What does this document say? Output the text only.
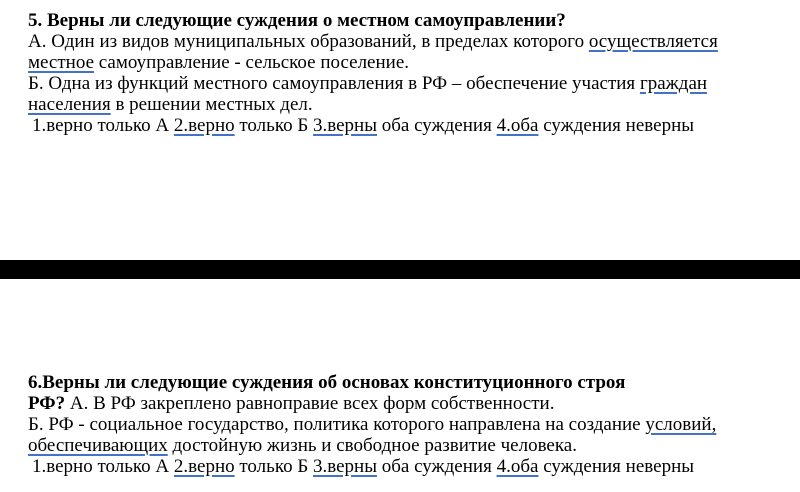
5. Верны ли следующие суждения о местном самоуправлении?

А. Один из видов муниципальных образований, в пределах которого осуществляется

местное самоуправление - сельское поселение.

Б. Одна из функций местного самоуправления в РФ – обеспечение участия граждан

населения в решении местных дел.

1.верно только А 2.верно только Б 3.верны оба суждения 4.оба суждения неверны

6.Верны ли следующие суждения об основах конституционного строя

РФ? А. В РФ закреплено равноправие всех форм собственности.

Б. РФ - социальное государство, политика которого направлена на создание условий,

обеспечивающих достойную жизнь и свободное развитие человека.

1.верно только А 2.верно только Б 3.верны оба суждения 4.оба суждения неверны
